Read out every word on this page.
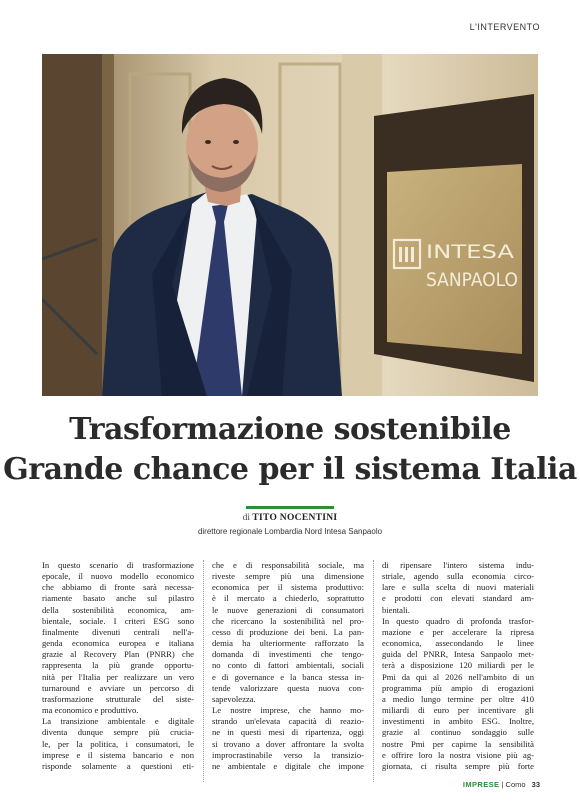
L'INTERVENTO
INTESA
SANPAOLO
Trasformazione sostenibile
Grande chance per il sistema Italia
di TITO NOCENTINI
direttore regionale Lombardia Nord Intesa Sanpaolo
In questo scenario di trasformazione
epocale, il nuovo modello economico
che abbiamo di fronte sarà necessa-
riamente basato anche sul pilastro
della sostenibilità economica, am-
bientale, sociale. I criteri ESG sono
finalmente divenuti centrali nell'a-
genda economica europea e italiana
grazie al Recovery Plan (PNRR) che
rappresenta la più grande opportu-
nità per l'Italia per realizzare un vero
turnaround e avviare un percorso di
trasformazione strutturale del siste-
ma economico e produttivo.
La transizione ambientale e digitale
diventa dunque sempre più crucia-
le, per la politica, i consumatori, le
imprese e il sistema bancario e non
risponde solamente a questioni eti-
che e di responsabilità sociale, ma
riveste sempre più una dimensione
economica per il sistema produttivo:
è il mercato a chiederlo, soprattutto
le nuove generazioni di consumatori
che ricercano la sostenibilità nel pro-
cesso di produzione dei beni. La pan-
demia ha ulteriormente rafforzato la
domanda di investimenti che tengo-
no conto di fattori ambientali, sociali
e di governance e la banca stessa in-
tende valorizzare questa nuova con-
sapevolezza.
Le nostre imprese, che hanno mo-
strando un'elevata capacità di reazio-
ne in questi mesi di ripartenza, oggi
si trovano a dover affrontare la svolta
improcrastinabile verso la transizio-
ne ambientale e digitale che impone
di ripensare l'intero sistema indu-
striale, agendo sulla economia circo-
lare e sulla scelta di nuovi materiali
e prodotti con elevati standard am-
bientali.
In questo quadro di profonda trasfor-
mazione e per accelerare la ripresa
economica, assecondando le linee
guida del PNRR, Intesa Sanpaolo met-
terà a disposizione 120 miliardi per le
Pmi da qui al 2026 nell'ambito di un
programma più ampio di erogazioni
a medio lungo termine per oltre 410
miliardi di euro per incentivare gli
investimenti in ambito ESG. Inoltre,
grazie al continuo sondaggio sulle
nostre Pmi per capirne la sensibilità
e offrire loro la nostra visione più ag-
giornata, ci risulta sempre più forte
IMPRESE | Como 33
